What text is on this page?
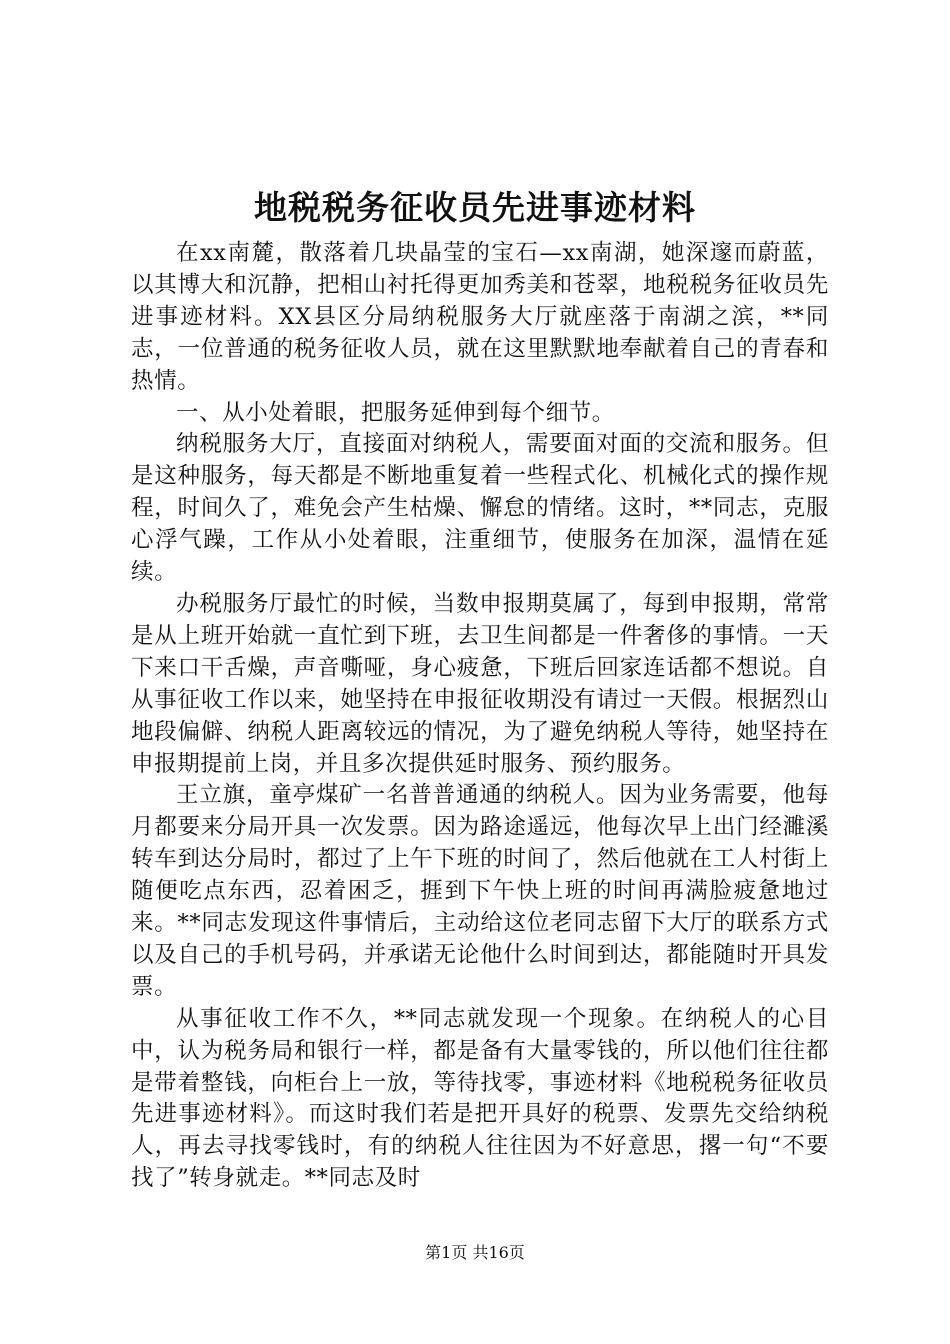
地税税务征收员先进事迹材料

在xx南麓，散落着几块晶莹的宝石—xx南湖，她深邃而蔚蓝，以其博大和沉静，把相山衬托得更加秀美和苍翠，地税税务征收员先进事迹材料。XX县区分局纳税服务大厅就座落于南湖之滨，**同志，一位普通的税务征收人员，就在这里默默地奉献着自己的青春和热情。

一、从小处着眼，把服务延伸到每个细节。

纳税服务大厅，直接面对纳税人，需要面对面的交流和服务。但是这种服务，每天都是不断地重复着一些程式化、机械化式的操作规程，时间久了，难免会产生枯燥、懈怠的情绪。这时，**同志，克服心浮气躁，工作从小处着眼，注重细节，使服务在加深，温情在延续。

办税服务厅最忙的时候，当数申报期莫属了，每到申报期，常常是从上班开始就一直忙到下班，去卫生间都是一件奢侈的事情。一天下来口干舌燥，声音嘶哑，身心疲惫，下班后回家连话都不想说。自从事征收工作以来，她坚持在申报征收期没有请过一天假。根据烈山地段偏僻、纳税人距离较远的情况，为了避免纳税人等待，她坚持在申报期提前上岗，并且多次提供延时服务、预约服务。

王立旗，童亭煤矿一名普普通通的纳税人。因为业务需要，他每月都要来分局开具一次发票。因为路途遥远，他每次早上出门经濉溪转车到达分局时，都过了上午下班的时间了，然后他就在工人村街上随便吃点东西，忍着困乏，捱到下午快上班的时间再满脸疲惫地过来。**同志发现这件事情后，主动给这位老同志留下大厅的联系方式以及自己的手机号码，并承诺无论他什么时间到达，都能随时开具发票。

从事征收工作不久，**同志就发现一个现象。在纳税人的心目中，认为税务局和银行一样，都是备有大量零钱的，所以他们往往都是带着整钱，向柜台上一放，等待找零，事迹材料《地税税务征收员先进事迹材料》。而这时我们若是把开具好的税票、发票先交给纳税人，再去寻找零钱时，有的纳税人往往因为不好意思，撂一句“不要找了”转身就走。**同志及时

第1页 共16页
